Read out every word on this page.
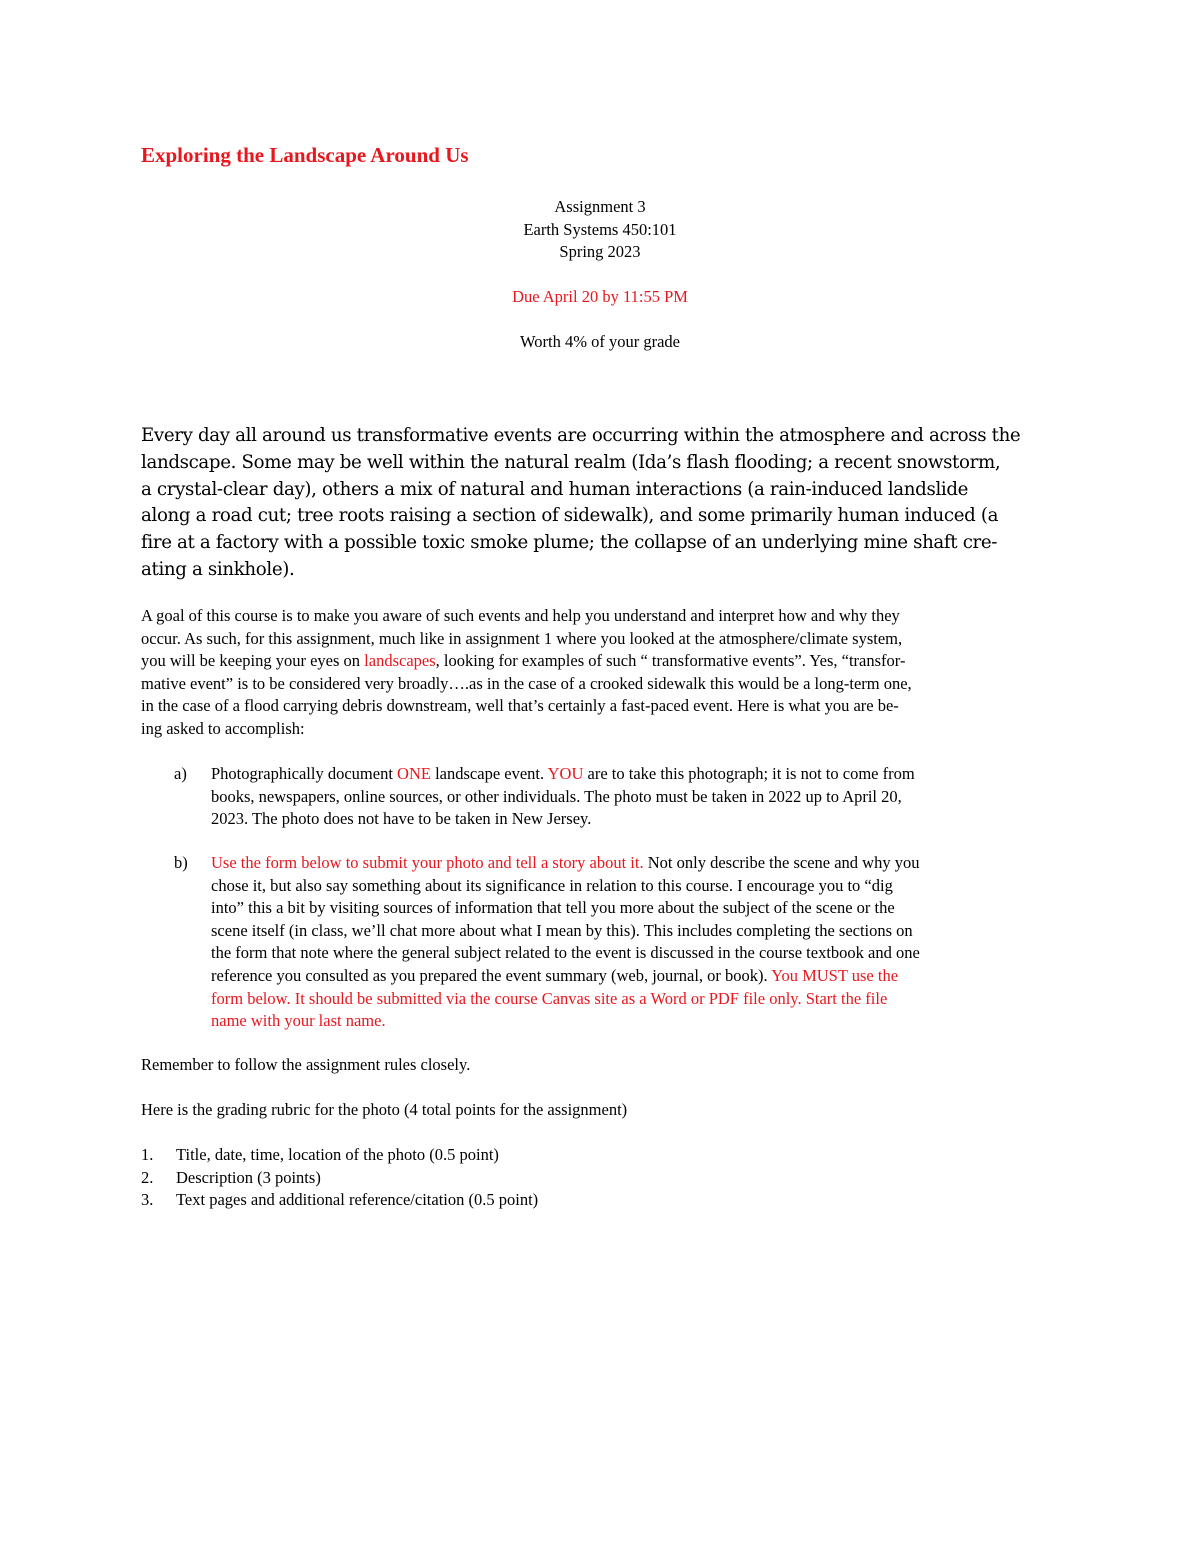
Exploring the Landscape Around Us
Assignment 3
Earth Systems 450:101
Spring 2023
Due April 20 by 11:55 PM
Worth 4% of your grade
Every day all around us transformative events are occurring within the atmosphere and across the
landscape. Some may be well within the natural realm (Ida’s flash flooding; a recent snowstorm,
a crystal-clear day), others a mix of natural and human interactions (a rain-induced landslide
along a road cut; tree roots raising a section of sidewalk), and some primarily human induced (a
fire at a factory with a possible toxic smoke plume; the collapse of an underlying mine shaft cre-
ating a sinkhole).
A goal of this course is to make you aware of such events and help you understand and interpret how and why they
occur. As such, for this assignment, much like in assignment 1 where you looked at the atmosphere/climate system,
you will be keeping your eyes on landscapes, looking for examples of such “ transformative events”. Yes, “transfor-
mative event” is to be considered very broadly….as in the case of a crooked sidewalk this would be a long-term one,
in the case of a flood carrying debris downstream, well that’s certainly a fast-paced event. Here is what you are be-
ing asked to accomplish:
a) Photographically document ONE landscape event. YOU are to take this photograph; it is not to come from
books, newspapers, online sources, or other individuals. The photo must be taken in 2022 up to April 20,
2023. The photo does not have to be taken in New Jersey.
b) Use the form below to submit your photo and tell a story about it. Not only describe the scene and why you
chose it, but also say something about its significance in relation to this course. I encourage you to “dig
into” this a bit by visiting sources of information that tell you more about the subject of the scene or the
scene itself (in class, we’ll chat more about what I mean by this). This includes completing the sections on
the form that note where the general subject related to the event is discussed in the course textbook and one
reference you consulted as you prepared the event summary (web, journal, or book). You MUST use the
form below. It should be submitted via the course Canvas site as a Word or PDF file only. Start the file
name with your last name.
Remember to follow the assignment rules closely.
Here is the grading rubric for the photo (4 total points for the assignment)
1. Title, date, time, location of the photo (0.5 point)
2. Description (3 points)
3. Text pages and additional reference/citation (0.5 point)
